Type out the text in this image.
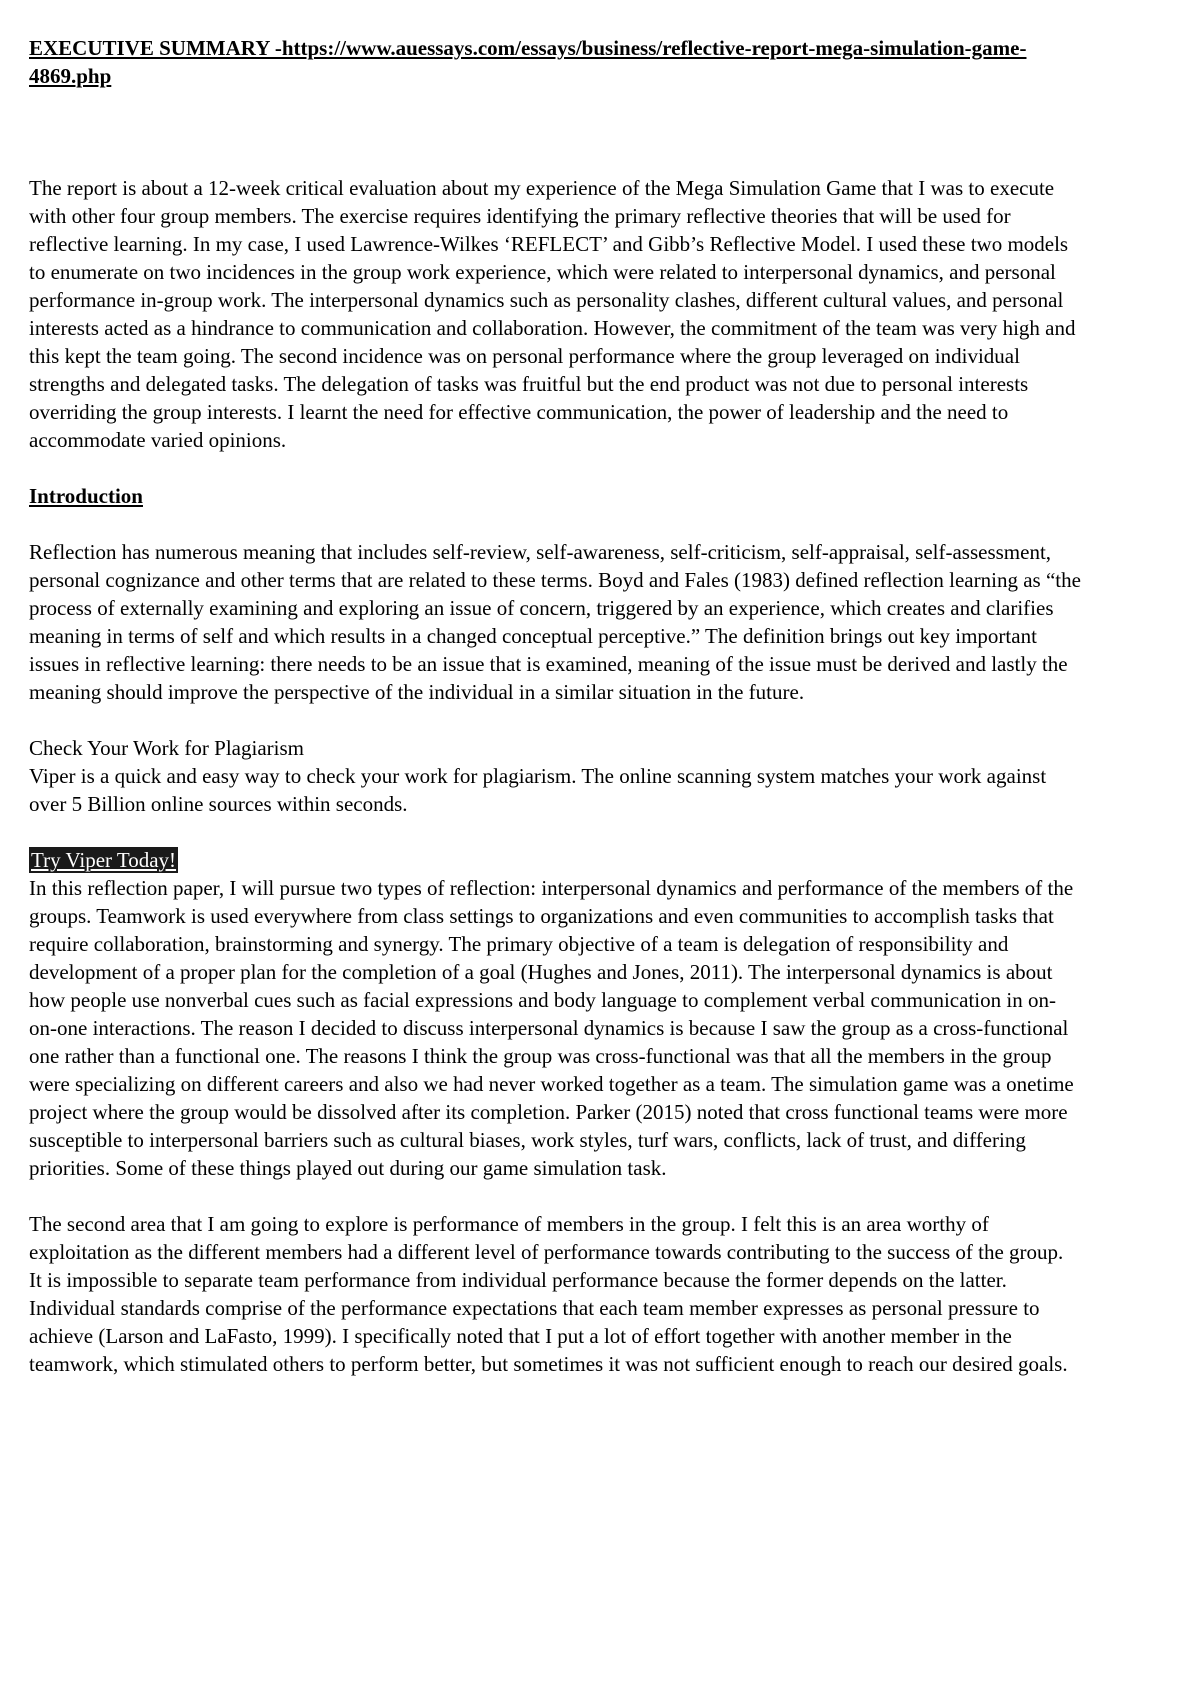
EXECUTIVE SUMMARY -https://www.auessays.com/essays/business/reflective-report-mega-simulation-game-4869.php

The report is about a 12-week critical evaluation about my experience of the Mega Simulation Game that I was to execute with other four group members. The exercise requires identifying the primary reflective theories that will be used for reflective learning. In my case, I used Lawrence-Wilkes ‘REFLECT’ and Gibb’s Reflective Model. I used these two models to enumerate on two incidences in the group work experience, which were related to interpersonal dynamics, and personal performance in-group work. The interpersonal dynamics such as personality clashes, different cultural values, and personal interests acted as a hindrance to communication and collaboration. However, the commitment of the team was very high and this kept the team going. The second incidence was on personal performance where the group leveraged on individual strengths and delegated tasks. The delegation of tasks was fruitful but the end product was not due to personal interests overriding the group interests. I learnt the need for effective communication, the power of leadership and the need to accommodate varied opinions.

Introduction

Reflection has numerous meaning that includes self-review, self-awareness, self-criticism, self-appraisal, self-assessment, personal cognizance and other terms that are related to these terms. Boyd and Fales (1983) defined reflection learning as “the process of externally examining and exploring an issue of concern, triggered by an experience, which creates and clarifies meaning in terms of self and which results in a changed conceptual perceptive.” The definition brings out key important issues in reflective learning: there needs to be an issue that is examined, meaning of the issue must be derived and lastly the meaning should improve the perspective of the individual in a similar situation in the future.

Check Your Work for Plagiarism

Viper is a quick and easy way to check your work for plagiarism. The online scanning system matches your work against over 5 Billion online sources within seconds.

Try Viper Today!

In this reflection paper, I will pursue two types of reflection: interpersonal dynamics and performance of the members of the groups. Teamwork is used everywhere from class settings to organizations and even communities to accomplish tasks that require collaboration, brainstorming and synergy. The primary objective of a team is delegation of responsibility and development of a proper plan for the completion of a goal (Hughes and Jones, 2011). The interpersonal dynamics is about how people use nonverbal cues such as facial expressions and body language to complement verbal communication in on-on-one interactions. The reason I decided to discuss interpersonal dynamics is because I saw the group as a cross-functional one rather than a functional one. The reasons I think the group was cross-functional was that all the members in the group were specializing on different careers and also we had never worked together as a team. The simulation game was a onetime project where the group would be dissolved after its completion. Parker (2015) noted that cross functional teams were more susceptible to interpersonal barriers such as cultural biases, work styles, turf wars, conflicts, lack of trust, and differing priorities. Some of these things played out during our game simulation task.

The second area that I am going to explore is performance of members in the group. I felt this is an area worthy of exploitation as the different members had a different level of performance towards contributing to the success of the group. It is impossible to separate team performance from individual performance because the former depends on the latter. Individual standards comprise of the performance expectations that each team member expresses as personal pressure to achieve (Larson and LaFasto, 1999). I specifically noted that I put a lot of effort together with another member in the teamwork, which stimulated others to perform better, but sometimes it was not sufficient enough to reach our desired goals.
